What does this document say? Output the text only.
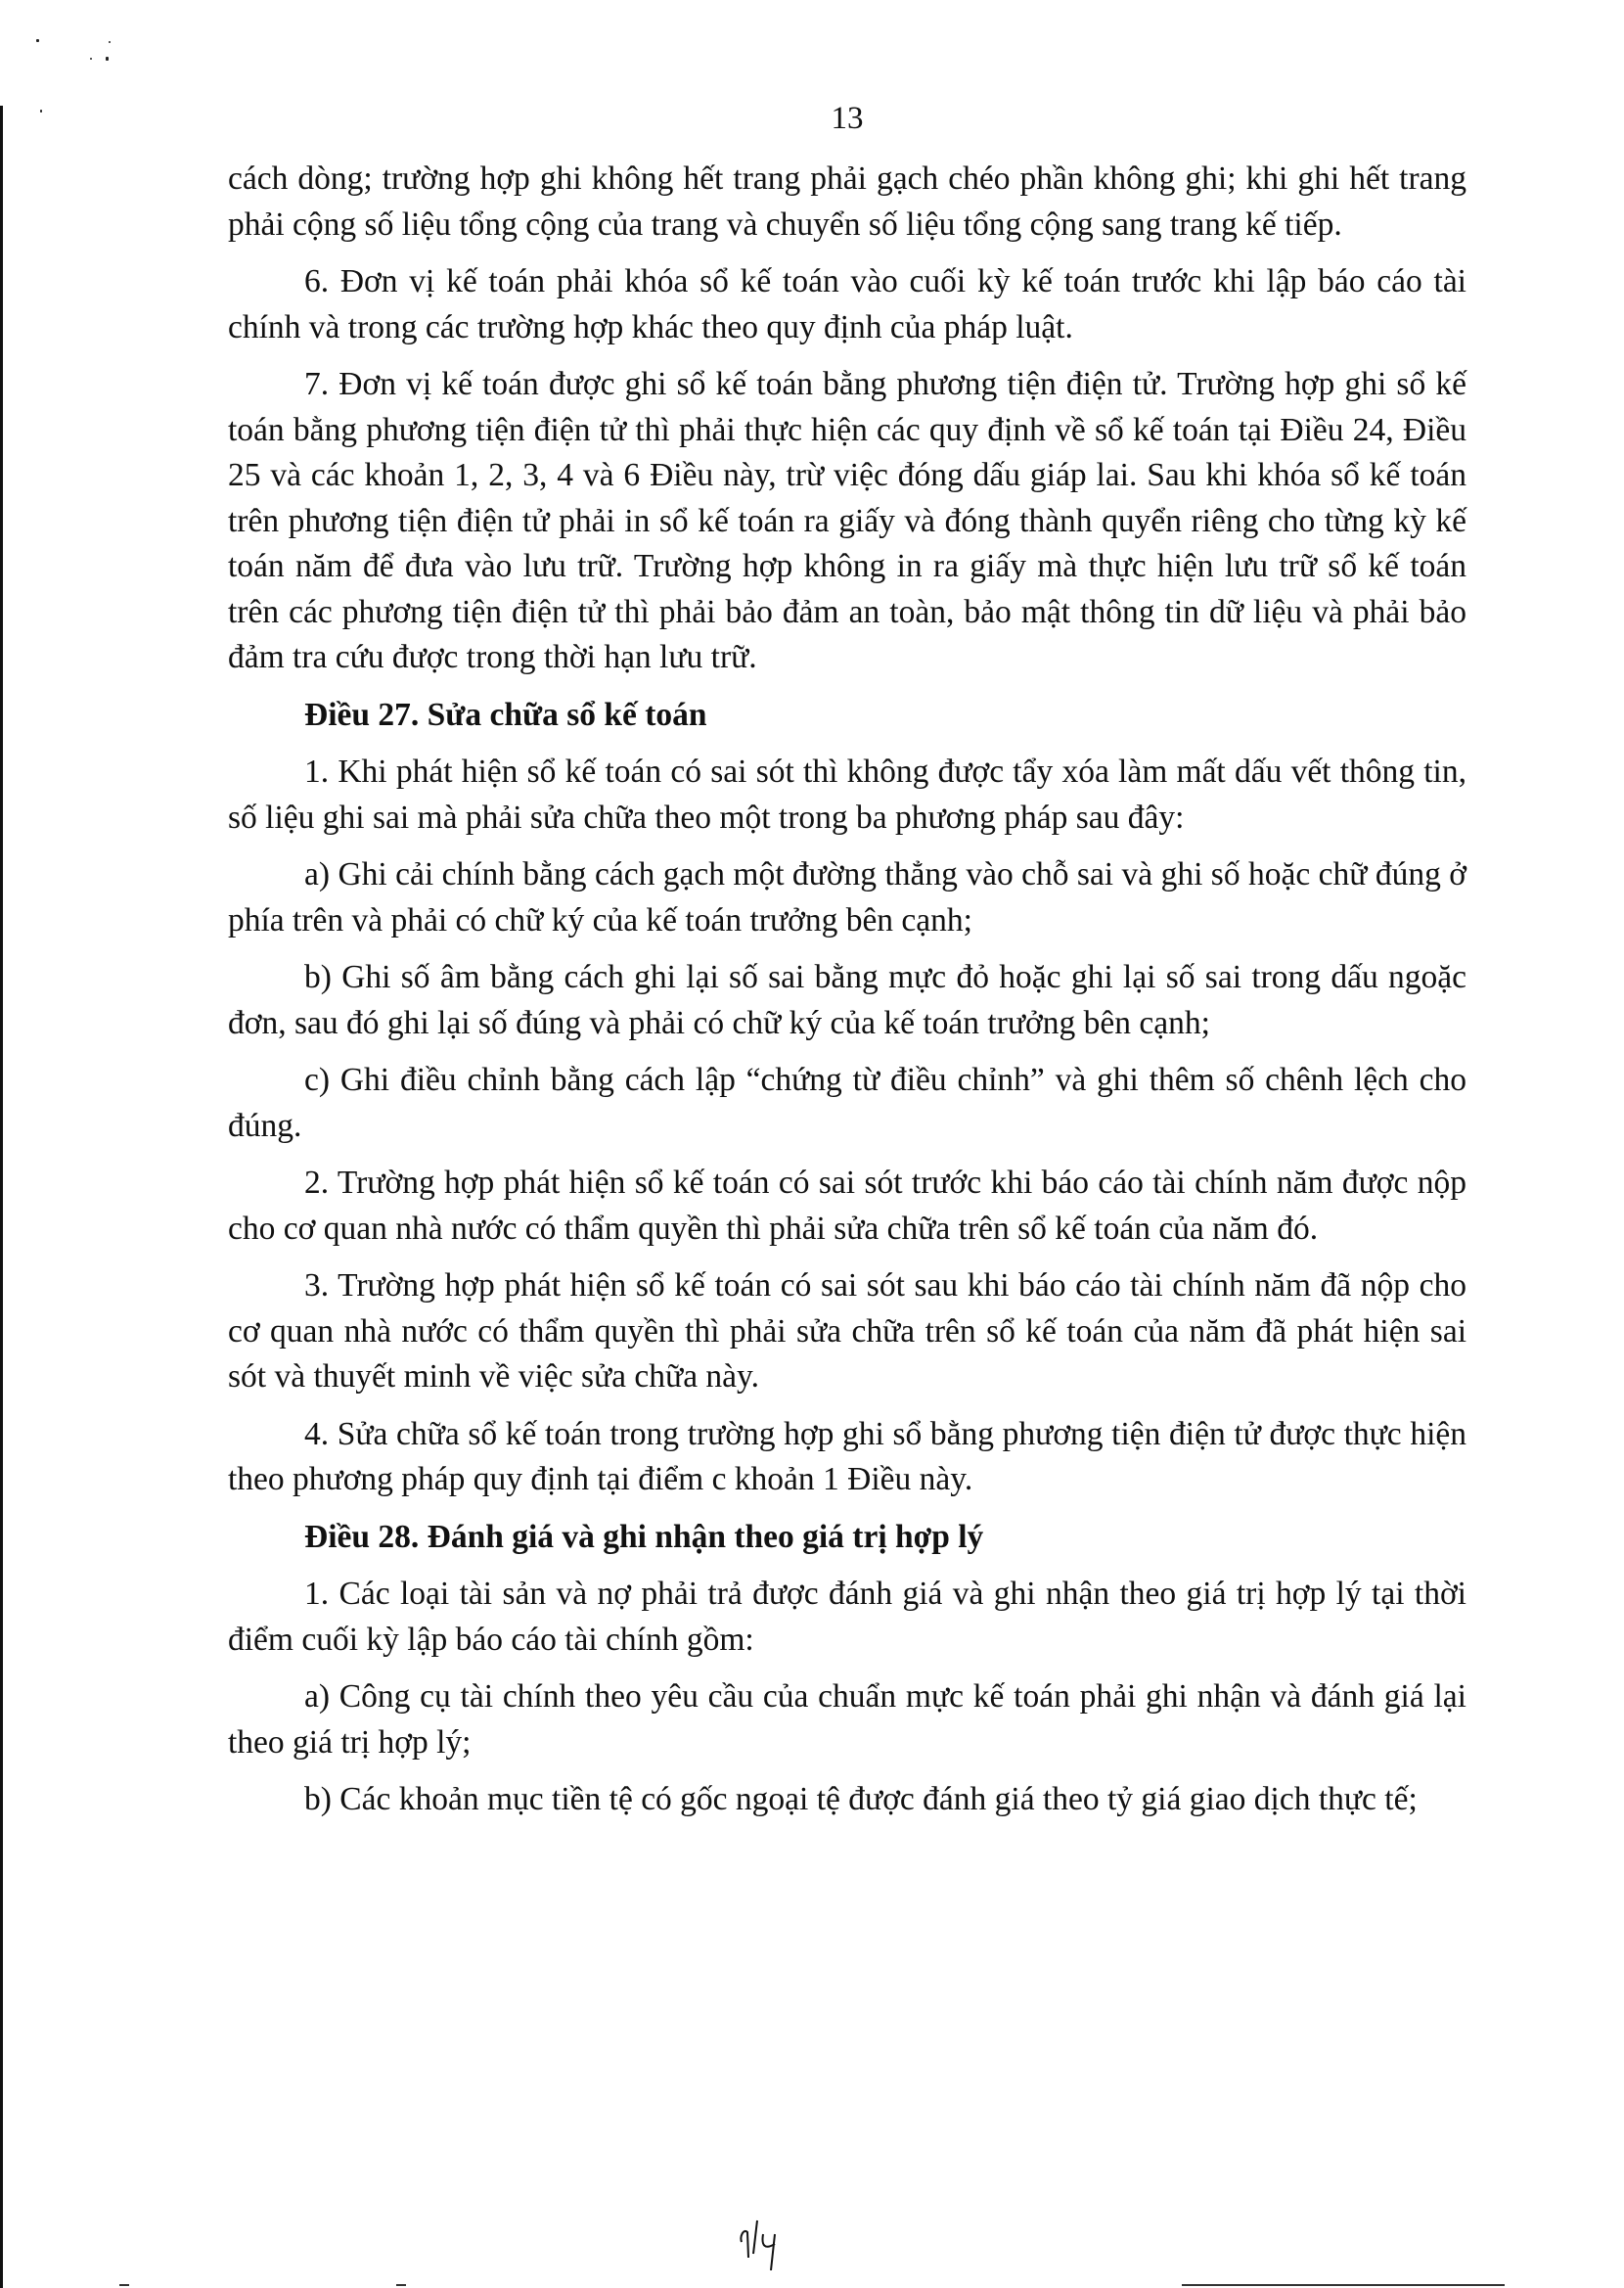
13

cách dòng; trường hợp ghi không hết trang phải gạch chéo phần không ghi; khi ghi hết trang phải cộng số liệu tổng cộng của trang và chuyển số liệu tổng cộng sang trang kế tiếp.

6. Đơn vị kế toán phải khóa sổ kế toán vào cuối kỳ kế toán trước khi lập báo cáo tài chính và trong các trường hợp khác theo quy định của pháp luật.

7. Đơn vị kế toán được ghi sổ kế toán bằng phương tiện điện tử. Trường hợp ghi sổ kế toán bằng phương tiện điện tử thì phải thực hiện các quy định về sổ kế toán tại Điều 24, Điều 25 và các khoản 1, 2, 3, 4 và 6 Điều này, trừ việc đóng dấu giáp lai. Sau khi khóa sổ kế toán trên phương tiện điện tử phải in sổ kế toán ra giấy và đóng thành quyển riêng cho từng kỳ kế toán năm để đưa vào lưu trữ. Trường hợp không in ra giấy mà thực hiện lưu trữ sổ kế toán trên các phương tiện điện tử thì phải bảo đảm an toàn, bảo mật thông tin dữ liệu và phải bảo đảm tra cứu được trong thời hạn lưu trữ.

Điều 27. Sửa chữa sổ kế toán

1. Khi phát hiện sổ kế toán có sai sót thì không được tẩy xóa làm mất dấu vết thông tin, số liệu ghi sai mà phải sửa chữa theo một trong ba phương pháp sau đây:

a) Ghi cải chính bằng cách gạch một đường thẳng vào chỗ sai và ghi số hoặc chữ đúng ở phía trên và phải có chữ ký của kế toán trưởng bên cạnh;

b) Ghi số âm bằng cách ghi lại số sai bằng mực đỏ hoặc ghi lại số sai trong dấu ngoặc đơn, sau đó ghi lại số đúng và phải có chữ ký của kế toán trưởng bên cạnh;

c) Ghi điều chỉnh bằng cách lập “chứng từ điều chỉnh” và ghi thêm số chênh lệch cho đúng.

2. Trường hợp phát hiện sổ kế toán có sai sót trước khi báo cáo tài chính năm được nộp cho cơ quan nhà nước có thẩm quyền thì phải sửa chữa trên sổ kế toán của năm đó.

3. Trường hợp phát hiện sổ kế toán có sai sót sau khi báo cáo tài chính năm đã nộp cho cơ quan nhà nước có thẩm quyền thì phải sửa chữa trên sổ kế toán của năm đã phát hiện sai sót và thuyết minh về việc sửa chữa này.

4. Sửa chữa sổ kế toán trong trường hợp ghi sổ bằng phương tiện điện tử được thực hiện theo phương pháp quy định tại điểm c khoản 1 Điều này.

Điều 28. Đánh giá và ghi nhận theo giá trị hợp lý

1. Các loại tài sản và nợ phải trả được đánh giá và ghi nhận theo giá trị hợp lý tại thời điểm cuối kỳ lập báo cáo tài chính gồm:

a) Công cụ tài chính theo yêu cầu của chuẩn mực kế toán phải ghi nhận và đánh giá lại theo giá trị hợp lý;

b) Các khoản mục tiền tệ có gốc ngoại tệ được đánh giá theo tỷ giá giao dịch thực tế;
